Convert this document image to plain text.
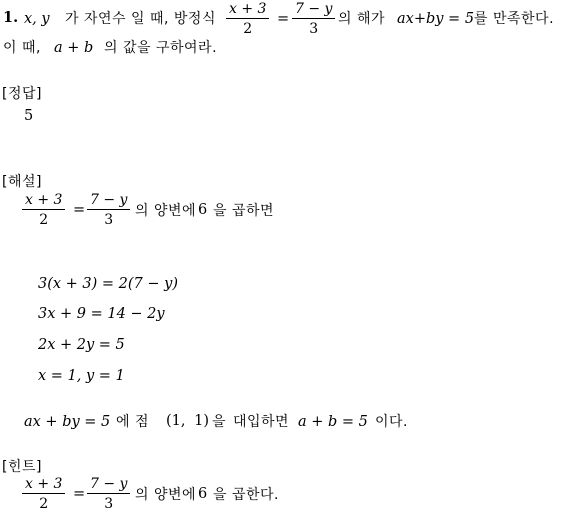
1. x, y 가 자연수 일 때, 방정식
x + 3
2
=
7 − y
3
의 해가 ax+by = 5 를 만족한다.
이 때, a + b 의 값을 구하여라.
[정답]
5
[해설]
x + 3
2
=
7 − y
3
의 양변에 6 을 곱하면
3(x + 3) = 2(7 − y)
3x + 9 = 14 − 2y
2x + 2y = 5
x = 1, y = 1
ax + by = 5 에 점 (1, 1) 을 대입하면 a + b = 5 이다.
[힌트]
x + 3
2
=
7 − y
3
의 양변에 6 을 곱한다.
